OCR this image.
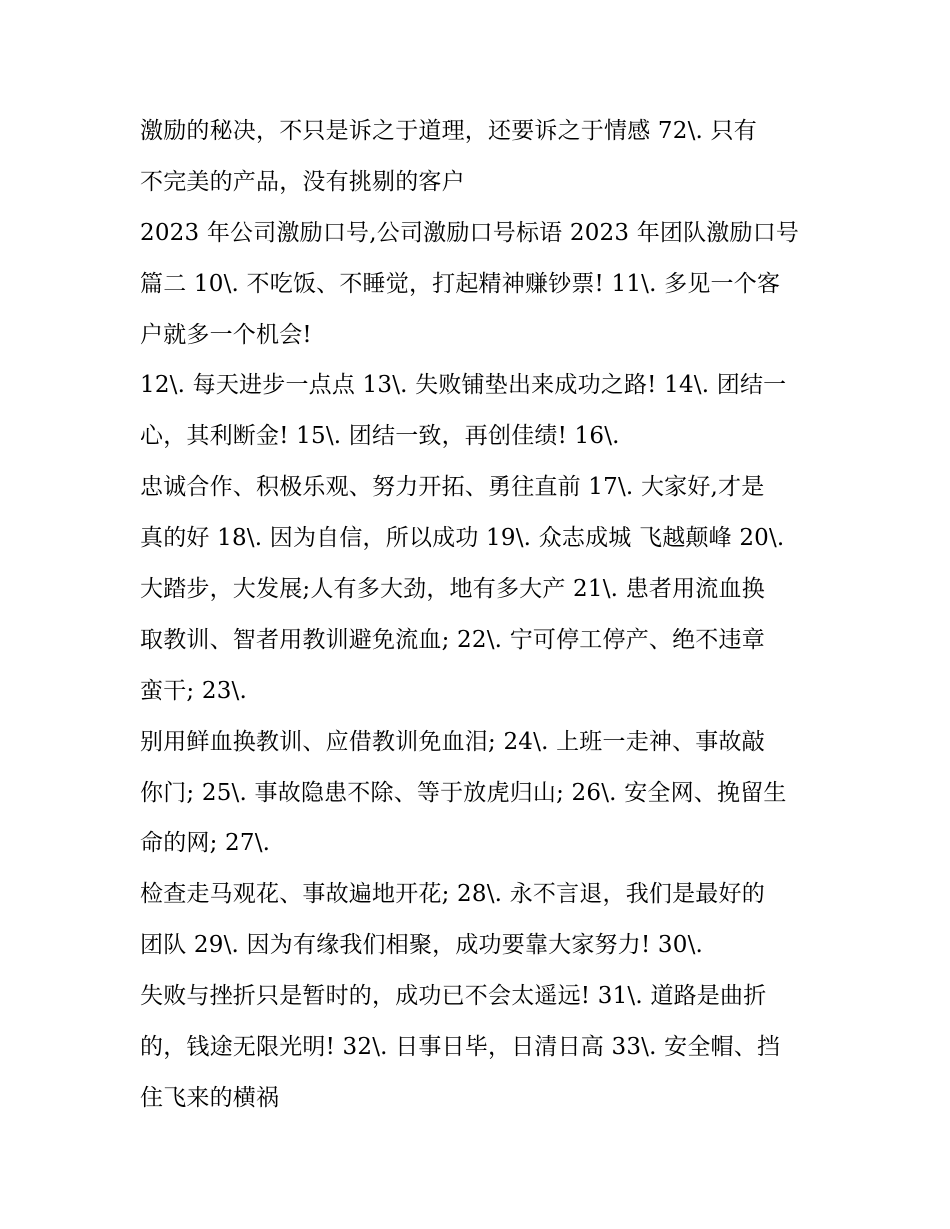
激励的秘决，不只是诉之于道理，还要诉之于情感 72\. 只有
不完美的产品，没有挑剔的客户
2023 年公司激励口号,公司激励口号标语 2023 年团队激励口号
篇二 10\. 不吃饭、不睡觉，打起精神赚钞票! 11\. 多见一个客
户就多一个机会!
12\. 每天进步一点点 13\. 失败铺垫出来成功之路! 14\. 团结一
心，其利断金! 15\. 团结一致，再创佳绩! 16\.
忠诚合作、积极乐观、努力开拓、勇往直前 17\. 大家好,才是
真的好 18\. 因为自信，所以成功 19\. 众志成城 飞越颠峰 20\.
大踏步，大发展;人有多大劲，地有多大产 21\. 患者用流血换
取教训、智者用教训避免流血; 22\. 宁可停工停产、绝不违章
蛮干; 23\.
别用鲜血换教训、应借教训免血泪; 24\. 上班一走神、事故敲
你门; 25\. 事故隐患不除、等于放虎归山; 26\. 安全网、挽留生
命的网; 27\.
检查走马观花、事故遍地开花; 28\. 永不言退，我们是最好的
团队 29\. 因为有缘我们相聚，成功要靠大家努力! 30\.
失败与挫折只是暂时的，成功已不会太遥远! 31\. 道路是曲折
的，钱途无限光明! 32\. 日事日毕，日清日高 33\. 安全帽、挡
住飞来的横祸
